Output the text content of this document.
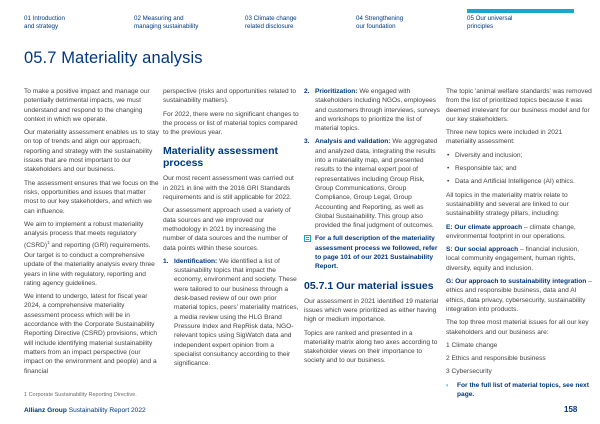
01 Introduction
and strategy
02 Measuring and
managing sustainability
03 Climate change
related disclosure
04 Strengthening
our foundation
05 Our universal
principles
05.7 Materiality analysis

To make a positive impact and manage our potentially detrimental impacts, we must understand and respond to the changing context in which we operate.

Our materiality assessment enables us to stay on top of trends and align our approach, reporting and strategy with the sustainability issues that are most important to our stakeholders and our business.

The assessment ensures that we focus on the risks, opportunities and issues that matter most to our key stakeholders, and which we can influence.

We aim to implement a robust materiality analysis process that meets regulatory (CSRD)$^1$ and reporting (GRI) requirements. Our target is to conduct a comprehensive update of the materiality analysis every three years in line with regulatory, reporting and rating agency guidelines.

We intend to undergo, latest for fiscal year 2024, a comprehensive materiality assessment process which will be in accordance with the Corporate Sustainability Reporting Directive (CSRD) provisions, which will include identifying material sustainability matters from an impact perspective (our impact on the environment and people) and a financial

perspective (risks and opportunities related to sustainability matters).

For 2022, there were no significant changes to the process or list of material topics compared to the previous year.

Materiality assessment process

Our most recent assessment was carried out in 2021 in line with the 2016 GRI Standards requirements and is still applicable for 2022.

Our assessment approach used a variety of data sources and we improved our methodology in 2021 by increasing the number of data sources and the number of data points within these sources.

1. Identification: We identified a list of sustainability topics that impact the economy, environment and society. These were tailored to our business through a desk-based review of our own prior material topics, peers' materiality matrices, a media review using the HLG Brand Pressure Index and RepRisk data, NGO-relevant topics using SigWatch data and independent expert opinion from a specialist consultancy according to their significance.
2. Prioritization: We engaged with stakeholders including NGOs, employees and customers through interviews, surveys and workshops to prioritize the list of material topics.
3. Analysis and validation: We aggregated and analyzed data, integrating the results into a materiality map, and presented results to the internal expert pool of representatives including Group Risk, Group Communications, Group Compliance, Group Legal, Group Accounting and Reporting, as well as Global Sustainability. This group also provided the final judgment of outcomes.
For a full description of the materiality assessment process we followed, refer to page 101 of our 2021 Sustainability Report.
05.7.1 Our material issues

Our assessment in 2021 identified 19 material issues which were prioritized as either having high or medium importance.

Topics are ranked and presented in a materiality matrix along two axes according to stakeholder views on their importance to society and to our business.

The topic 'animal welfare standards' was removed from the list of prioritized topics because it was deemed irrelevant for our business model and for our key stakeholders.

Three new topics were included in 2021 materiality assessment:

• Diversity and inclusion;
• Responsible tax; and
• Data and Artificial Intelligence (AI) ethics.

All topics in the materiality matrix relate to sustainability and several are linked to our sustainability strategy pillars, including:

E: Our climate approach – climate change, environmental footprint in our operations.

S: Our social approach – financial inclusion, local community engagement, human rights, diversity, equity and inclusion.

G: Our approach to sustainability integration – ethics and responsible business, data and AI ethics, data privacy, cybersecurity, sustainability integration into products.

The top three most material issues for all our key stakeholders and our business are:

1 Climate change
2 Ethics and responsible business
3 Cybersecurity
› For the full list of material topics, see next page.
1 Corporate Sustainability Reporting Directive.
Allianz Group Sustainability Report 2022	158
